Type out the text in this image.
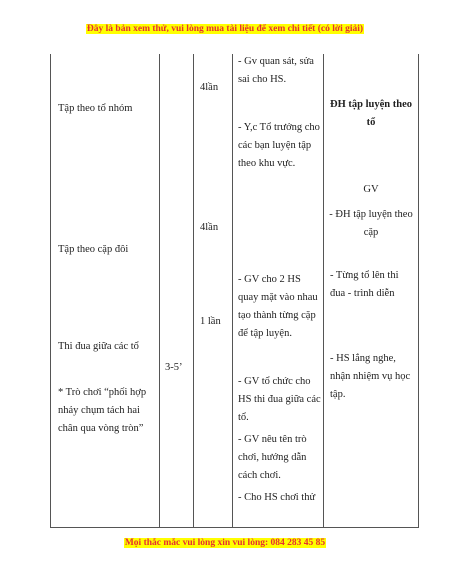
Đây là bản xem thử, vui lòng mua tài liệu để xem chi tiết (có lời giải)
Tập theo tổ nhóm
Tập theo cặp đôi
Thi đua giữa các tổ
* Trò chơi “phối hợp
nhảy chụm tách hai
chân qua vòng tròn”
3-5’
4lần
4lần
1 lần
- Gv quan sát, sửa
sai cho HS.
- Y,c Tổ trưởng cho
các bạn luyện tập
theo khu vực.
- GV cho 2 HS
quay mặt vào nhau
tạo thành từng cặp
để tập luyện.
- GV tổ chức cho
HS thi đua giữa các
tổ.
- GV nêu tên trò
chơi, hướng dẫn
cách chơi.
- Cho HS chơi thử
ĐH tập luyện theo
tổ
GV
- ĐH tập luyện theo
cặp
- Từng tổ lên thi
đua - trình diễn
- HS lắng nghe,
nhận nhiệm vụ học
tập.
Mọi thắc mắc vui lòng xin vui lòng: 084 283 45 85
